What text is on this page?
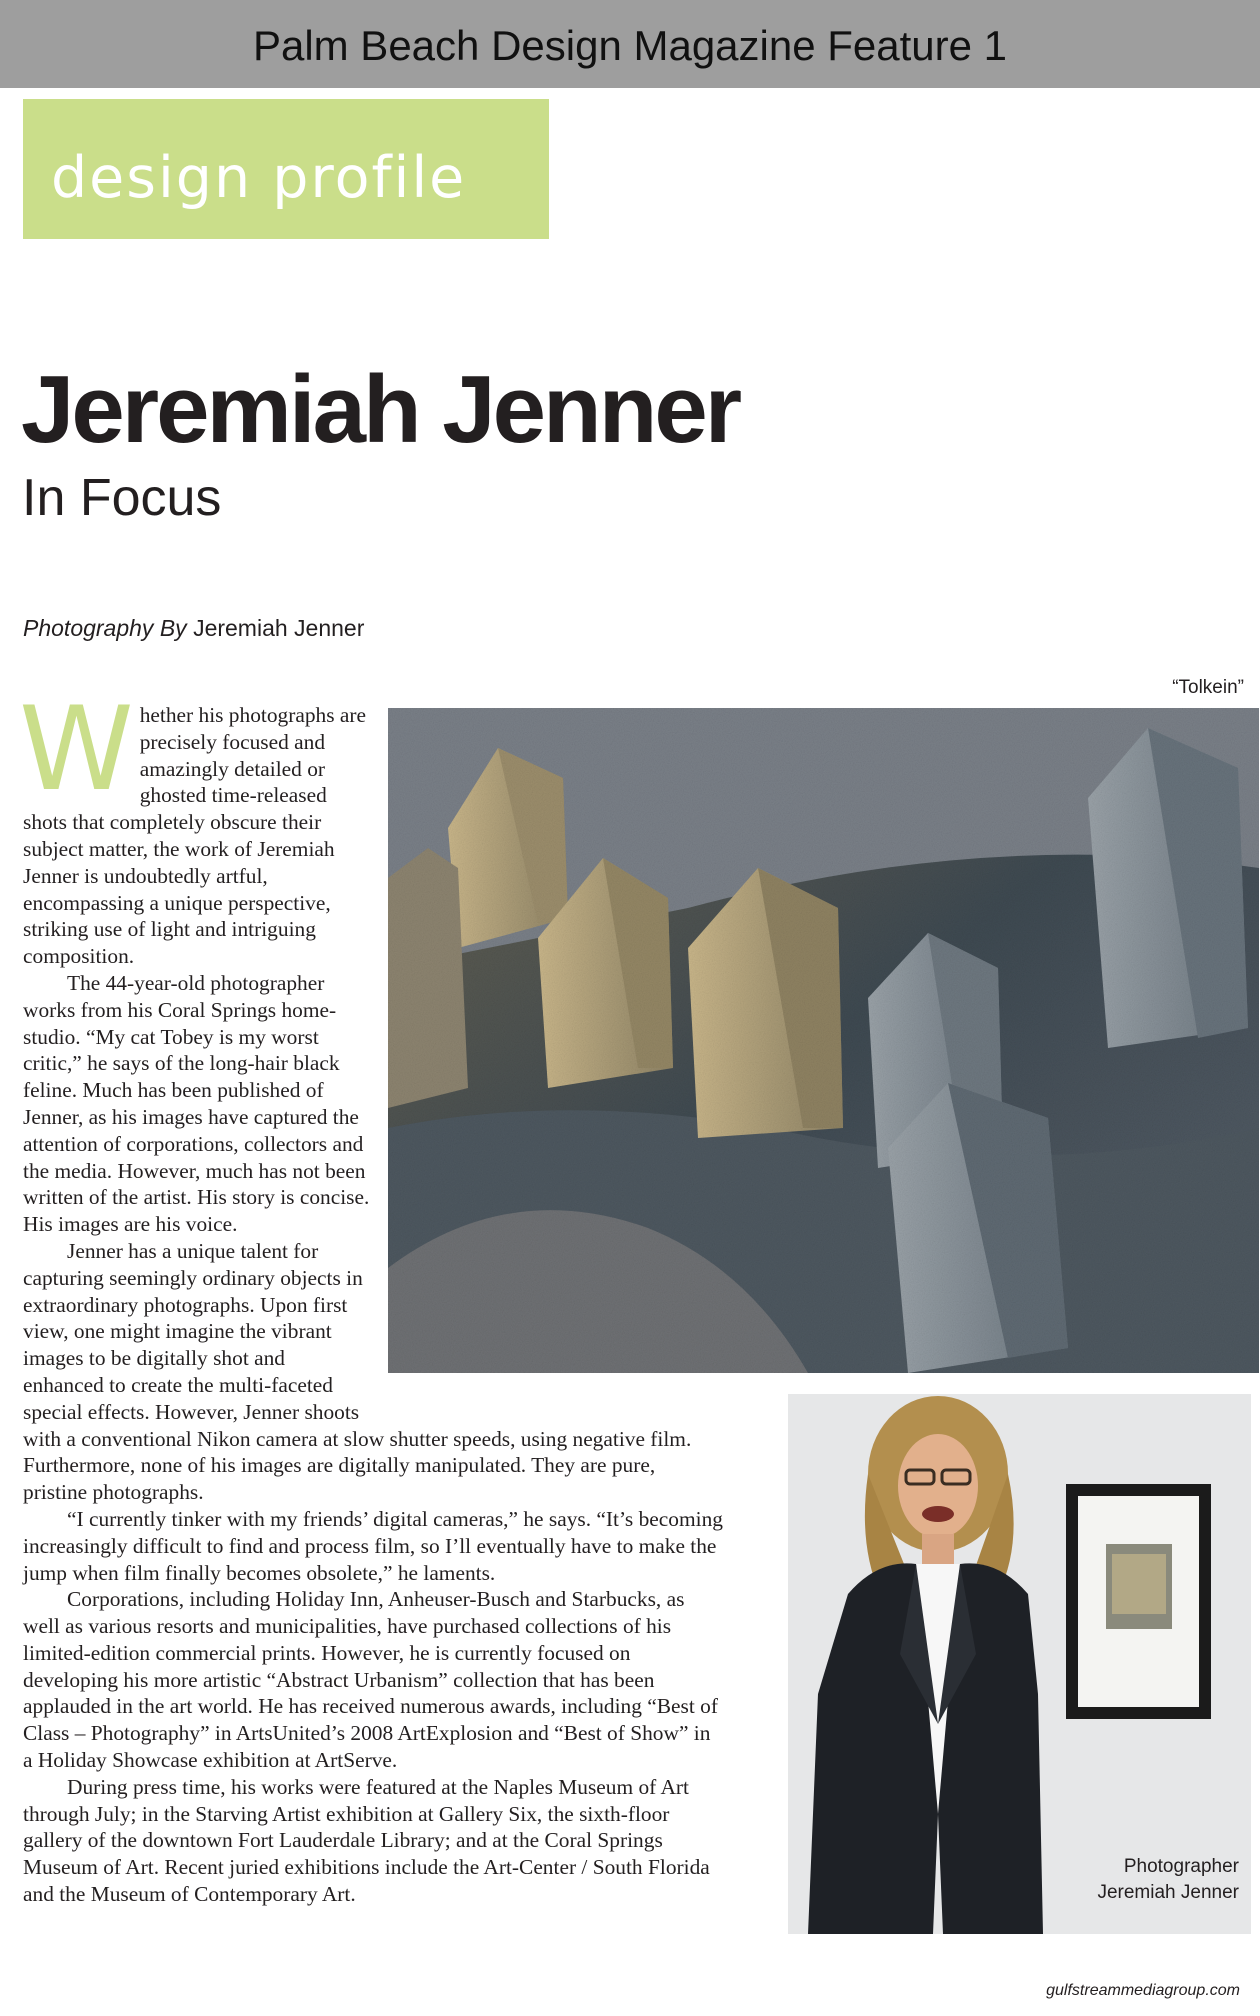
Palm Beach Design Magazine Feature 1
design profile
Jeremiah Jenner
In Focus
Photography By Jeremiah Jenner
“Tolkein”
Photographer
Jeremiah Jenner

Whether his photographs are precisely focused and amazingly detailed or ghosted time-released shots that completely obscure their subject matter, the work of Jeremiah Jenner is undoubtedly artful, encompassing a unique perspective, striking use of light and intriguing composition.

The 44-year-old photographer works from his Coral Springs home-studio. “My cat Tobey is my worst critic,” he says of the long-hair black feline. Much has been published of Jenner, as his images have captured the attention of corporations, collectors and the media. However, much has not been written of the artist. His story is concise. His images are his voice.

Jenner has a unique talent for capturing seemingly ordinary objects in extraordinary photographs. Upon first view, one might imagine the vibrant images to be digitally shot and enhanced to create the multi-faceted special effects. However, Jenner shoots with a conventional Nikon camera at slow shutter speeds, using negative film. Furthermore, none of his images are digitally manipulated. They are pure, pristine photographs.

“I currently tinker with my friends’ digital cameras,” he says. “It’s becoming increasingly difficult to find and process film, so I’ll eventually have to make the jump when film finally becomes obsolete,” he laments.

Corporations, including Holiday Inn, Anheuser-Busch and Starbucks, as well as various resorts and municipalities, have purchased collections of his limited-edition commercial prints. However, he is currently focused on developing his more artistic “Abstract Urbanism” collection that has been applauded in the art world. He has received numerous awards, including “Best of Class – Photography” in ArtsUnited’s 2008 ArtExplosion and “Best of Show” in a Holiday Showcase exhibition at ArtServe.

During press time, his works were featured at the Naples Museum of Art through July; in the Starving Artist exhibition at Gallery Six, the sixth-floor gallery of the downtown Fort Lauderdale Library; and at the Coral Springs Museum of Art. Recent juried exhibitions include the Art-Center / South Florida and the Museum of Contemporary Art.

gulfstreammediagroup.com
